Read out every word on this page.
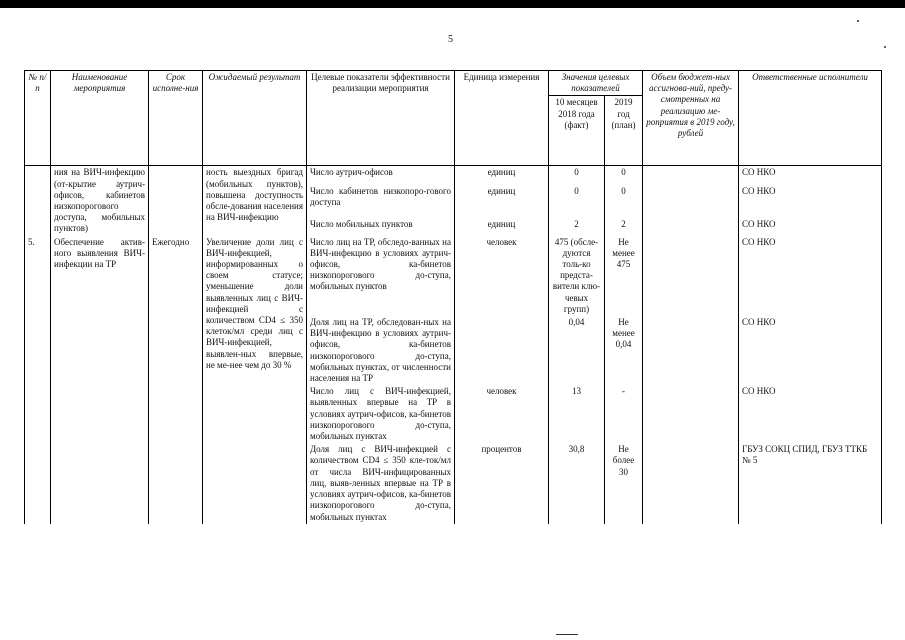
5
№ п/п	Наименование мероприятия	Срок исполне-ния	Ожидаемый результат	Целевые показатели эффективности реализации мероприятия	Единица измерения	Значения целевых показателей		Объем бюджет-ных ассигнова-ний, преду-смотренных на реализацию ме-роприятия в 2019 году, рублей	Ответственные исполнители
						10 месяцев 2018 года (факт)	2019 год (план)		
	ния на ВИЧ-инфекцию (от-крытие аутрич-офисов, кабинетов низкопорогового доступа, мобильных пунктов)		ность выездных бригад (мобильных пунктов), повышена доступность обсле-дования населения на ВИЧ-инфекцию	Число аутрич-офисов	единиц	0	0		СО НКО
				Число кабинетов низкопоро-гового доступа	единиц	0	0		СО НКО
				Число мобильных пунктов	единиц	2	2		СО НКО
5.	Обеспечение актив-ного выявления ВИЧ-инфекции на ТР	Ежегодно	Увеличение доли лиц с ВИЧ-инфекцией, информированных о своем статусе; уменьшение доли выявленных лиц с ВИЧ-инфекцией с количеством CD4 ≤ 350 клеток/мл среди лиц с ВИЧ-инфекцией, выявлен-ных впервые, не ме-нее чем до 30 %	Число лиц на ТР, обследо-ванных на ВИЧ-инфекцию в условиях аутрич-офисов, ка-бинетов низкопорогового до-ступа, мобильных пунктов	человек	475 (обсле-дуются толь-ко предста-вители клю-чевых групп)	Не менее 475		СО НКО
				Доля лиц на ТР, обследован-ных на ВИЧ-инфекцию в условиях аутрич-офисов, ка-бинетов низкопорогового до-ступа, мобильных пунктах, от численности населения на ТР		0,04	Не менее 0,04		СО НКО
				Число лиц с ВИЧ-инфекцией, выявленных впервые на ТР в условиях аутрич-офисов, ка-бинетов низкопорогового до-ступа, мобильных пунктах	человек	13	-		СО НКО
				Доля лиц с ВИЧ-инфекцией с количеством CD4 ≤ 350 кле-ток/мл от числа ВИЧ-инфицированных лиц, выяв-ленных впервые на ТР в условиях аутрич-офисов, ка-бинетов низкопорогового до-ступа, мобильных пунктах	процентов	30,8	Не более 30		ГБУЗ СОКЦ СПИД, ГБУЗ ТТКБ № 5
